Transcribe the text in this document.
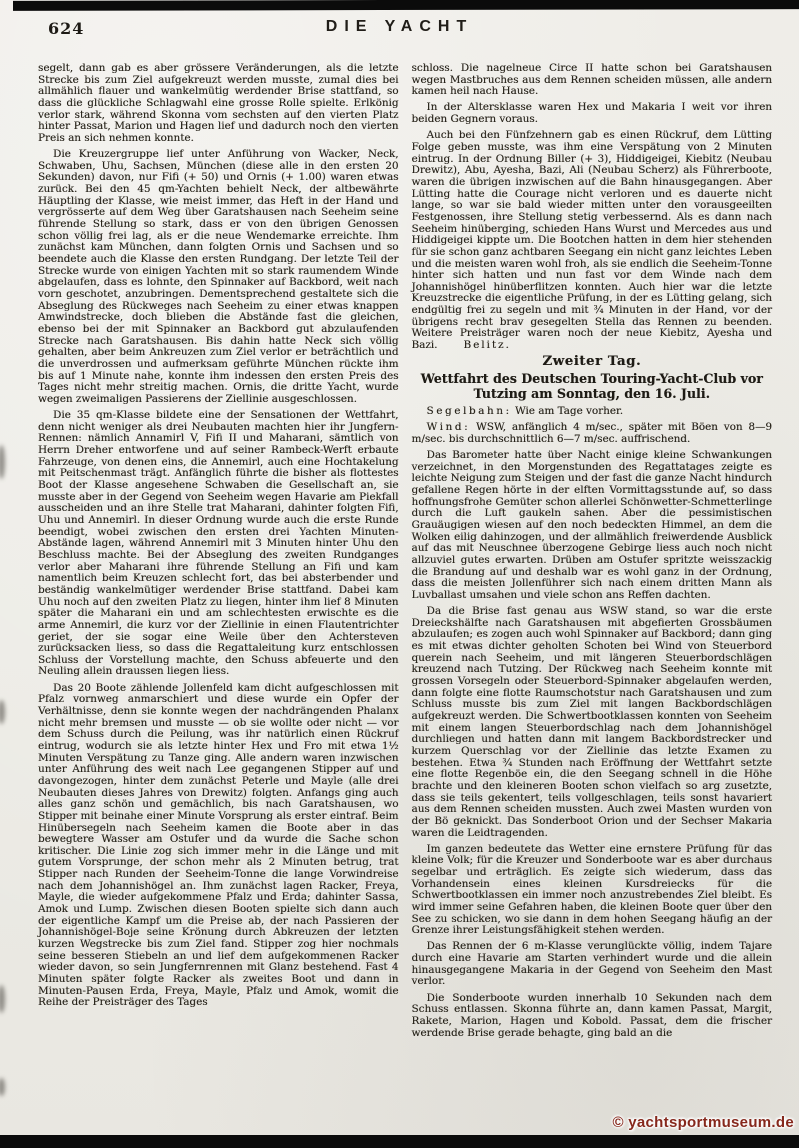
624	DIE YACHT

segelt, dann gab es aber grössere Veränderungen, als die letzte Strecke bis zum Ziel aufgekreuzt werden musste, zumal dies bei allmählich flauer und wankelmütig werdender Brise stattfand, so dass die glückliche Schlagwahl eine grosse Rolle spielte. Erlkönig verlor stark, während Skonna vom sechsten auf den vierten Platz hinter Passat, Marion und Hagen lief und dadurch noch den vierten Preis an sich nehmen konnte.

Die Kreuzergruppe lief unter Anführung von Wacker, Neck, Schwaben, Uhu, Sachsen, München (diese alle in den ersten 20 Sekunden) davon, nur Fifi (+ 50) und Ornis (+ 1.00) waren etwas zurück. Bei den 45 qm-Yachten behielt Neck, der altbewährte Häuptling der Klasse, wie meist immer, das Heft in der Hand und vergrösserte auf dem Weg über Garatshausen nach Seeheim seine führende Stellung so stark, dass er von den übrigen Genossen schon völlig frei lag, als er die neue Wendemarke erreichte. Ihm zunächst kam München, dann folgten Ornis und Sachsen und so beendete auch die Klasse den ersten Rundgang. Der letzte Teil der Strecke wurde von einigen Yachten mit so stark raumendem Winde abgelaufen, dass es lohnte, den Spinnaker auf Backbord, weit nach vorn geschotet, anzubringen. Dementsprechend gestaltete sich die Abseglung des Rückweges nach Seeheim zu einer etwas knappen Amwindstrecke, doch blieben die Abstände fast die gleichen, ebenso bei der mit Spinnaker an Backbord gut abzulaufenden Strecke nach Garatshausen. Bis dahin hatte Neck sich völlig gehalten, aber beim Ankreuzen zum Ziel verlor er beträchtlich und die unverdrossen und aufmerksam geführte München rückte ihm bis auf 1 Minute nahe, konnte ihm indessen den ersten Preis des Tages nicht mehr streitig machen. Ornis, die dritte Yacht, wurde wegen zweimaligen Passierens der Ziellinie ausgeschlossen.

Die 35 qm-Klasse bildete eine der Sensationen der Wettfahrt, denn nicht weniger als drei Neubauten machten hier ihr Jungfern-Rennen: nämlich Annamirl V, Fifi II und Maharani, sämtlich von Herrn Dreher entworfene und auf seiner Rambeck-Werft erbaute Fahrzeuge, von denen eins, die Annemirl, auch eine Hochtakelung mit Peitschenmast trägt. Anfänglich führte die bisher als flottestes Boot der Klasse angesehene Schwaben die Gesellschaft an, sie musste aber in der Gegend von Seeheim wegen Havarie am Piekfall ausscheiden und an ihre Stelle trat Maharani, dahinter folgten Fifi, Uhu und Annemirl. In dieser Ordnung wurde auch die erste Runde beendigt, wobei zwischen den ersten drei Yachten Minuten-Abstände lagen, während Annemirl mit 3 Minuten hinter Uhu den Beschluss machte. Bei der Abseglung des zweiten Rundganges verlor aber Maharani ihre führende Stellung an Fifi und kam namentlich beim Kreuzen schlecht fort, das bei absterbender und beständig wankelmütiger werdender Brise stattfand. Dabei kam Uhu noch auf den zweiten Platz zu liegen, hinter ihm lief 8 Minuten später die Maharani ein und am schlechtesten erwischte es die arme Annemirl, die kurz vor der Ziellinie in einen Flautentrichter geriet, der sie sogar eine Weile über den Achtersteven zurücksacken liess, so dass die Regattaleitung kurz entschlossen Schluss der Vorstellung machte, den Schuss abfeuerte und den Neuling allein draussen liegen liess.

Das 20 Boote zählende Jollenfeld kam dicht aufgeschlossen mit Pfalz vornweg anmarschiert und diese wurde ein Opfer der Verhältnisse, denn sie konnte wegen der nachdrängenden Phalanx nicht mehr bremsen und musste — ob sie wollte oder nicht — vor dem Schuss durch die Peilung, was ihr natürlich einen Rückruf eintrug, wodurch sie als letzte hinter Hex und Fro mit etwa 1½ Minuten Verspätung zu Tanze ging. Alle andern waren inzwischen unter Anführung des weit nach Lee gegangenen Stipper auf und davongezogen, hinter dem zunächst Peterle und Mayle (alle drei Neubauten dieses Jahres von Drewitz) folgten. Anfangs ging auch alles ganz schön und gemächlich, bis nach Garatshausen, wo Stipper mit beinahe einer Minute Vorsprung als erster eintraf. Beim Hinübersegeln nach Seeheim kamen die Boote aber in das bewegtere Wasser am Ostufer und da wurde die Sache schon kritischer. Die Linie zog sich immer mehr in die Länge und mit gutem Vorsprunge, der schon mehr als 2 Minuten betrug, trat Stipper nach Runden der Seeheim-Tonne die lange Vorwindreise nach dem Johannishögel an. Ihm zunächst lagen Racker, Freya, Mayle, die wieder aufgekommene Pfalz und Erda; dahinter Sassa, Amok und Lump. Zwischen diesen Booten spielte sich dann auch der eigentliche Kampf um die Preise ab, der nach Passieren der Johannishögel-Boje seine Krönung durch Abkreuzen der letzten kurzen Wegstrecke bis zum Ziel fand. Stipper zog hier nochmals seine besseren Stiebeln an und lief dem aufgekommenen Racker wieder davon, so sein Jungfernrennen mit Glanz bestehend. Fast 4 Minuten später folgte Racker als zweites Boot und dann in Minuten-Pausen Erda, Freya, Mayle, Pfalz und Amok, womit die Reihe der Preisträger des Tages

schloss. Die nagelneue Circe II hatte schon bei Garatshausen wegen Mastbruches aus dem Rennen scheiden müssen, alle andern kamen heil nach Hause.

In der Altersklasse waren Hex und Makaria I weit vor ihren beiden Gegnern voraus.

Auch bei den Fünfzehnern gab es einen Rückruf, dem Lütting Folge geben musste, was ihm eine Verspätung von 2 Minuten eintrug. In der Ordnung Biller (+ 3), Hiddigeigei, Kiebitz (Neubau Drewitz), Abu, Ayesha, Bazi, Ali (Neubau Scherz) als Führerboote, waren die übrigen inzwischen auf die Bahn hinausgegangen. Aber Lütting hatte die Courage nicht verloren und es dauerte nicht lange, so war sie bald wieder mitten unter den vorausgeeilten Festgenossen, ihre Stellung stetig verbessernd. Als es dann nach Seeheim hinüberging, schieden Hans Wurst und Mercedes aus und Hiddigeigei kippte um. Die Bootchen hatten in dem hier stehenden für sie schon ganz achtbaren Seegang ein nicht ganz leichtes Leben und die meisten waren wohl froh, als sie endlich die Seeheim-Tonne hinter sich hatten und nun fast vor dem Winde nach dem Johannishögel hinüberflitzen konnten. Auch hier war die letzte Kreuzstrecke die eigentliche Prüfung, in der es Lütting gelang, sich endgültig frei zu segeln und mit ¾ Minuten in der Hand, vor der übrigens recht brav gesegelten Stella das Rennen zu beenden. Weitere Preisträger waren noch der neue Kiebitz, Ayesha und Bazi.	Belitz.

Zweiter Tag.

Wettfahrt des Deutschen Touring-Yacht-Club vor Tutzing am Sonntag, den 16. Juli.

Segelbahn: Wie am Tage vorher.

Wind: WSW, anfänglich 4 m/sec., später mit Böen von 8—9 m/sec. bis durchschnittlich 6—7 m/sec. auffrischend.

Das Barometer hatte über Nacht einige kleine Schwankungen verzeichnet, in den Morgenstunden des Regattatages zeigte es leichte Neigung zum Steigen und der fast die ganze Nacht hindurch gefallene Regen hörte in der elften Vormittagsstunde auf, so dass hoffnungsfrohe Gemüter schon allerlei Schönwetter-Schmetterlinge durch die Luft gaukeln sahen. Aber die pessimistischen Grauäugigen wiesen auf den noch bedeckten Himmel, an dem die Wolken eilig dahinzogen, und der allmählich freiwerdende Ausblick auf das mit Neuschnee überzogene Gebirge liess auch noch nicht allzuviel gutes erwarten. Drüben am Ostufer spritzte weisszackig die Brandung auf und deshalb war es wohl ganz in der Ordnung, dass die meisten Jollenführer sich nach einem dritten Mann als Luvballast umsahen und viele schon ans Reffen dachten.

Da die Brise fast genau aus WSW stand, so war die erste Dreieckshälfte nach Garatshausen mit abgefierten Grossbäumen abzulaufen; es zogen auch wohl Spinnaker auf Backbord; dann ging es mit etwas dichter geholten Schoten bei Wind von Steuerbord querein nach Seeheim, und mit längeren Steuerbordschlägen kreuzend nach Tutzing. Der Rückweg nach Seeheim konnte mit grossen Vorsegeln oder Steuerbord-Spinnaker abgelaufen werden, dann folgte eine flotte Raumschotstur nach Garatshausen und zum Schluss musste bis zum Ziel mit langen Backbordschlägen aufgekreuzt werden. Die Schwertbootklassen konnten von Seeheim mit einem langen Steuerbordschlag nach dem Johannishögel durchliegen und hatten dann mit langem Backbordstrecker und kurzem Querschlag vor der Ziellinie das letzte Examen zu bestehen. Etwa ¾ Stunden nach Eröffnung der Wettfahrt setzte eine flotte Regenböe ein, die den Seegang schnell in die Höhe brachte und den kleineren Booten schon vielfach so arg zusetzte, dass sie teils gekentert, teils vollgeschlagen, teils sonst havariert aus dem Rennen scheiden mussten. Auch zwei Masten wurden von der Bö geknickt. Das Sonderboot Orion und der Sechser Makaria waren die Leidtragenden.

Im ganzen bedeutete das Wetter eine ernstere Prüfung für das kleine Volk; für die Kreuzer und Sonderboote war es aber durchaus segelbar und erträglich. Es zeigte sich wiederum, dass das Vorhandensein eines kleinen Kursdreiecks für die Schwertbootklassen ein immer noch anzustrebendes Ziel bleibt. Es wird immer seine Gefahren haben, die kleinen Boote quer über den See zu schicken, wo sie dann in dem hohen Seegang häufig an der Grenze ihrer Leistungsfähigkeit stehen werden.

Das Rennen der 6 m-Klasse verunglückte völlig, indem Tajare durch eine Havarie am Starten verhindert wurde und die allein hinausgegangene Makaria in der Gegend von Seeheim den Mast verlor.

Die Sonderboote wurden innerhalb 10 Sekunden nach dem Schuss entlassen. Skonna führte an, dann kamen Passat, Margit, Rakete, Marion, Hagen und Kobold. Passat, dem die frischer werdende Brise gerade behagte, ging bald an die

© yachtsportmuseum.de
